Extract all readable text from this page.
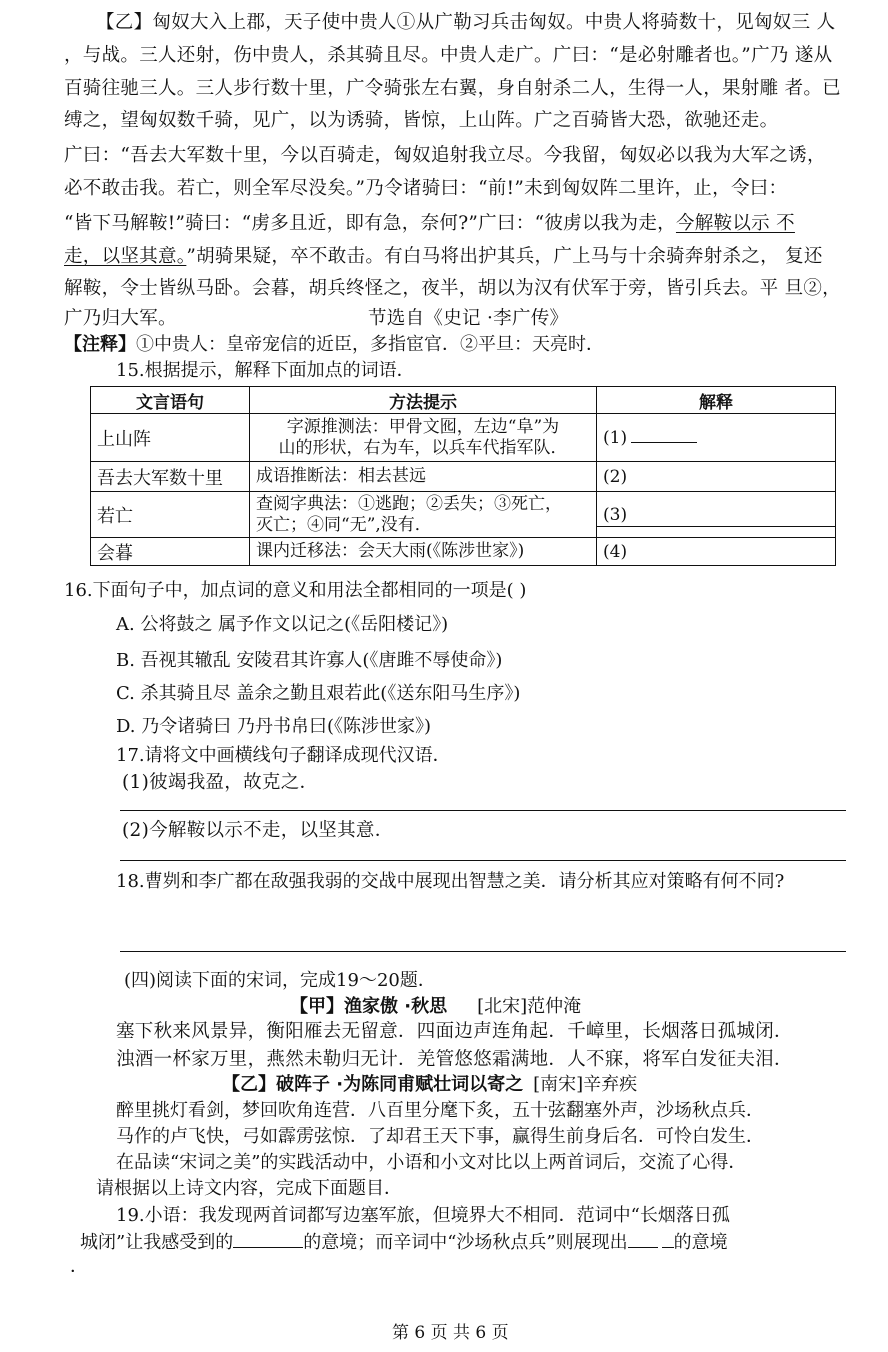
【乙】匈奴大入上郡，天子使中贵人①从广勒习兵击匈奴。中贵人将骑数十，见匈奴三 人
，与战。三人还射，伤中贵人，杀其骑且尽。中贵人走广。广曰：“是必射雕者也。”广乃 遂从
百骑往驰三人。三人步行数十里，广令骑张左右翼，身自射杀二人，生得一人，果射雕 者。已
缚之，望匈奴数千骑，见广，以为诱骑，皆惊，上山阵。广之百骑皆大恐，欲驰还走。
广曰：“吾去大军数十里，今以百骑走，匈奴追射我立尽。今我留，匈奴必以我为大军之诱，
必不敢击我。若亡，则全军尽没矣。”乃令诸骑曰：“前!”未到匈奴阵二里许，止，令曰：
“皆下马解鞍!”骑曰：“虏多且近，即有急，奈何?”广曰：“彼虏以我为走，今解鞍以示 不
走，以坚其意。”胡骑果疑，卒不敢击。有白马将出护其兵，广上马与十余骑奔射杀之， 复还
解鞍，令士皆纵马卧。会暮，胡兵终怪之，夜半，胡以为汉有伏军于旁，皆引兵去。平 旦②，
广乃归大军。	节选自《史记 ·李广传》
【注释】①中贵人：皇帝宠信的近臣，多指宦官．②平旦：天亮时．
15.根据提示，解释下面加点的词语．
文言语句	方法提示	解释
上山阵	字源推测法：甲骨文囮，左边“阜”为
山的形状，右为车，以兵车代指军队．	(1)
吾去大军数十里	成语推断法：相去甚远	(2)
若亡	查阅字典法：①逃跑；②丢失；③死亡，
灭亡；④同“无”,没有．	(3)

会暮	课内迁移法：会天大雨(《陈涉世家》)	(4)
16.下面句子中，加点词的意义和用法全都相同的一项是( )
A. 公将鼓之 属予作文以记之(《岳阳楼记》)
B. 吾视其辙乱 安陵君其许寡人(《唐雎不辱使命》)
C. 杀其骑且尽 盖余之勤且艰若此(《送东阳马生序》)
D. 乃令诸骑曰 乃丹书帛曰(《陈涉世家》)
17.请将文中画横线句子翻译成现代汉语．
(1)彼竭我盈，故克之．
(2)今解鞍以示不走，以坚其意．
18.曹刿和李广都在敌强我弱的交战中展现出智慧之美．请分析其应对策略有何不同?
(四)阅读下面的宋词，完成19～20题．
【甲】渔家傲 ·秋思 [北宋]范仲淹
塞下秋来风景异，衡阳雁去无留意．四面边声连角起．千嶂里，长烟落日孤城闭．
浊酒一杯家万里，燕然未勒归无计．羌管悠悠霜满地．人不寐，将军白发征夫泪．
【乙】破阵子 ·为陈同甫赋壮词以寄之 [南宋]辛弃疾
醉里挑灯看剑，梦回吹角连营．八百里分麾下炙，五十弦翻塞外声，沙场秋点兵．
马作的卢飞快，弓如霹雳弦惊．了却君王天下事，赢得生前身后名．可怜白发生．
在品读“宋词之美”的实践活动中，小语和小文对比以上两首词后，交流了心得．
请根据以上诗文内容，完成下面题目．
19.小语：我发现两首词都写边塞军旅，但境界大不相同．范词中“长烟落日孤
城闭”让我感受到的	的意境；而辛词中“沙场秋点兵”则展现出	的意境
．
第 6 页 共 6 页
